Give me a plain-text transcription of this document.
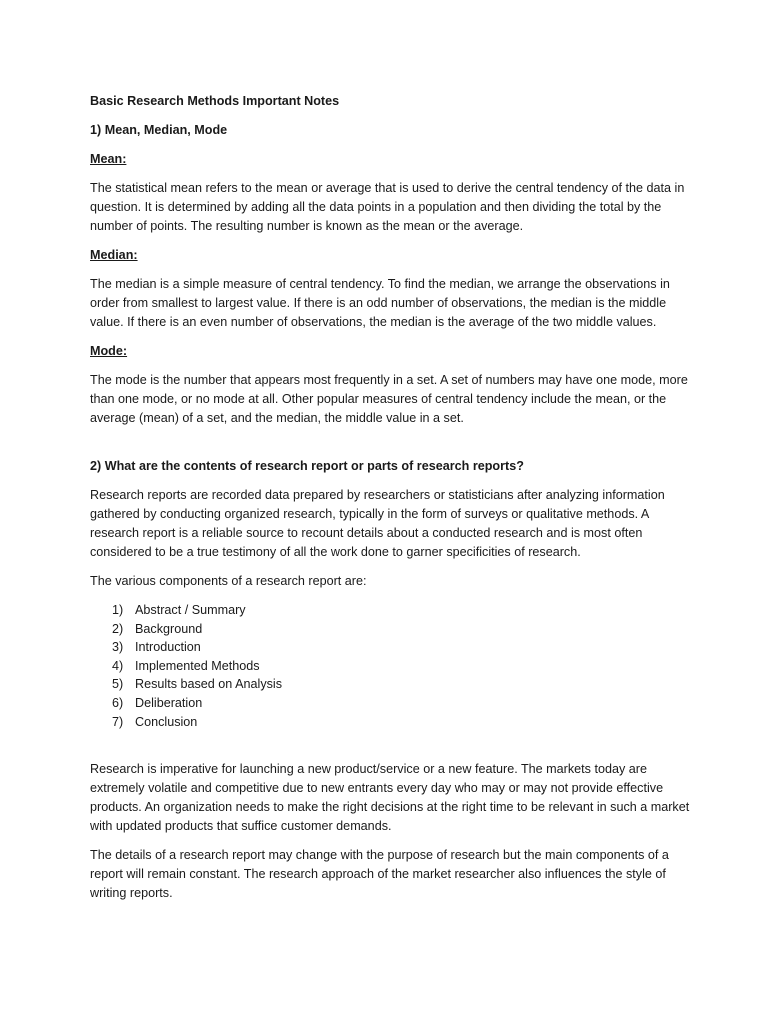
Basic Research Methods Important Notes

1) Mean, Median, Mode

Mean:

The statistical mean refers to the mean or average that is used to derive the central tendency of the data in question. It is determined by adding all the data points in a population and then dividing the total by the number of points. The resulting number is known as the mean or the average.

Median:

The median is a simple measure of central tendency. To find the median, we arrange the observations in order from smallest to largest value. If there is an odd number of observations, the median is the middle value. If there is an even number of observations, the median is the average of the two middle values.

Mode:

The mode is the number that appears most frequently in a set. A set of numbers may have one mode, more than one mode, or no mode at all. Other popular measures of central tendency include the mean, or the average (mean) of a set, and the median, the middle value in a set.

2) What are the contents of research report or parts of research reports?

Research reports are recorded data prepared by researchers or statisticians after analyzing information gathered by conducting organized research, typically in the form of surveys or qualitative methods. A research report is a reliable source to recount details about a conducted research and is most often considered to be a true testimony of all the work done to garner specificities of research.

The various components of a research report are:

1) Abstract / Summary
2) Background
3) Introduction
4) Implemented Methods
5) Results based on Analysis
6) Deliberation
7) Conclusion

Research is imperative for launching a new product/service or a new feature. The markets today are extremely volatile and competitive due to new entrants every day who may or may not provide effective products. An organization needs to make the right decisions at the right time to be relevant in such a market with updated products that suffice customer demands.

The details of a research report may change with the purpose of research but the main components of a report will remain constant. The research approach of the market researcher also influences the style of writing reports.
